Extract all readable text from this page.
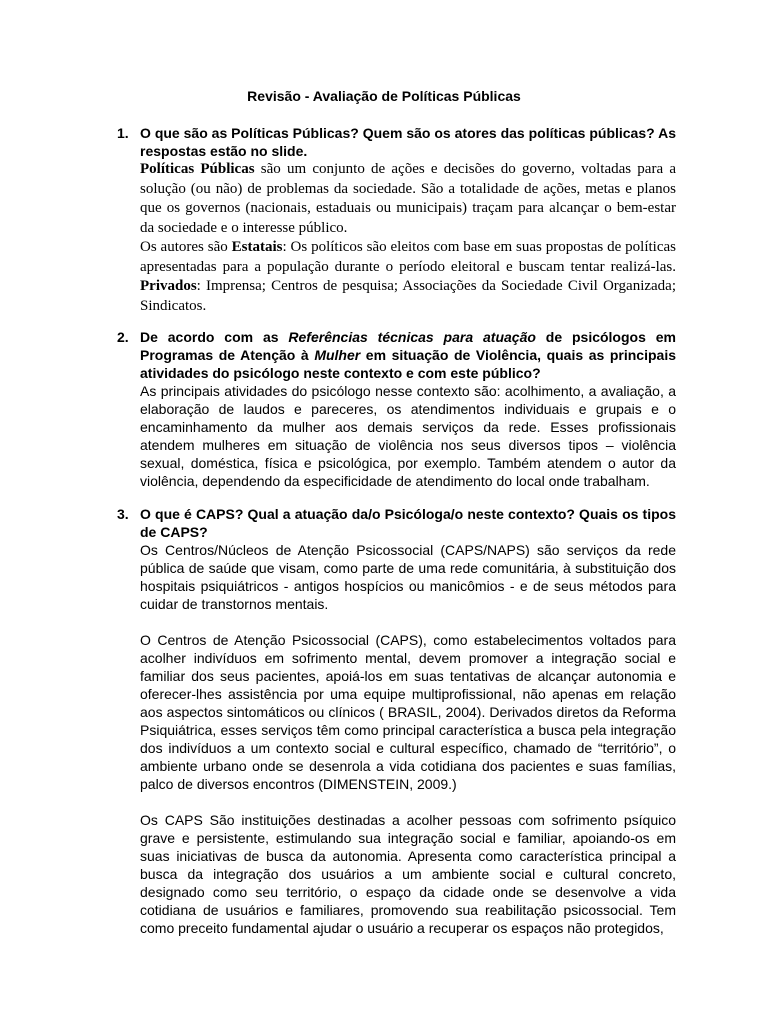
Revisão - Avaliação de Políticas Públicas
1. O que são as Políticas Públicas? Quem são os atores das políticas públicas? As respostas estão no slide.

Políticas Públicas são um conjunto de ações e decisões do governo, voltadas para a solução (ou não) de problemas da sociedade. São a totalidade de ações, metas e planos que os governos (nacionais, estaduais ou municipais) traçam para alcançar o bem-estar da sociedade e o interesse público.

Os autores são Estatais: Os políticos são eleitos com base em suas propostas de políticas apresentadas para a população durante o período eleitoral e buscam tentar realizá-las. Privados: Imprensa; Centros de pesquisa; Associações da Sociedade Civil Organizada; Sindicatos.

2. De acordo com as Referências técnicas para atuação de psicólogos em Programas de Atenção à Mulher em situação de Violência, quais as principais atividades do psicólogo neste contexto e com este público?

As principais atividades do psicólogo nesse contexto são: acolhimento, a avaliação, a elaboração de laudos e pareceres, os atendimentos individuais e grupais e o encaminhamento da mulher aos demais serviços da rede. Esses profissionais atendem mulheres em situação de violência nos seus diversos tipos – violência sexual, doméstica, física e psicológica, por exemplo. Também atendem o autor da violência, dependendo da especificidade de atendimento do local onde trabalham.

3. O que é CAPS? Qual a atuação da/o Psicóloga/o neste contexto? Quais os tipos de CAPS?

Os Centros/Núcleos de Atenção Psicossocial (CAPS/NAPS) são serviços da rede pública de saúde que visam, como parte de uma rede comunitária, à substituição dos hospitais psiquiátricos - antigos hospícios ou manicômios - e de seus métodos para cuidar de transtornos mentais.

O Centros de Atenção Psicossocial (CAPS), como estabelecimentos voltados para acolher indivíduos em sofrimento mental, devem promover a integração social e familiar dos seus pacientes, apoiá-los em suas tentativas de alcançar autonomia e oferecer-lhes assistência por uma equipe multiprofissional, não apenas em relação aos aspectos sintomáticos ou clínicos ( BRASIL, 2004). Derivados diretos da Reforma Psiquiátrica, esses serviços têm como principal característica a busca pela integração dos indivíduos a um contexto social e cultural específico, chamado de “território”, o ambiente urbano onde se desenrola a vida cotidiana dos pacientes e suas famílias, palco de diversos encontros (DIMENSTEIN, 2009.)

Os CAPS São instituições destinadas a acolher pessoas com sofrimento psíquico grave e persistente, estimulando sua integração social e familiar, apoiando-os em suas iniciativas de busca da autonomia. Apresenta como característica principal a busca da integração dos usuários a um ambiente social e cultural concreto, designado como seu território, o espaço da cidade onde se desenvolve a vida cotidiana de usuários e familiares, promovendo sua reabilitação psicossocial. Tem como preceito fundamental ajudar o usuário a recuperar os espaços não protegidos,
